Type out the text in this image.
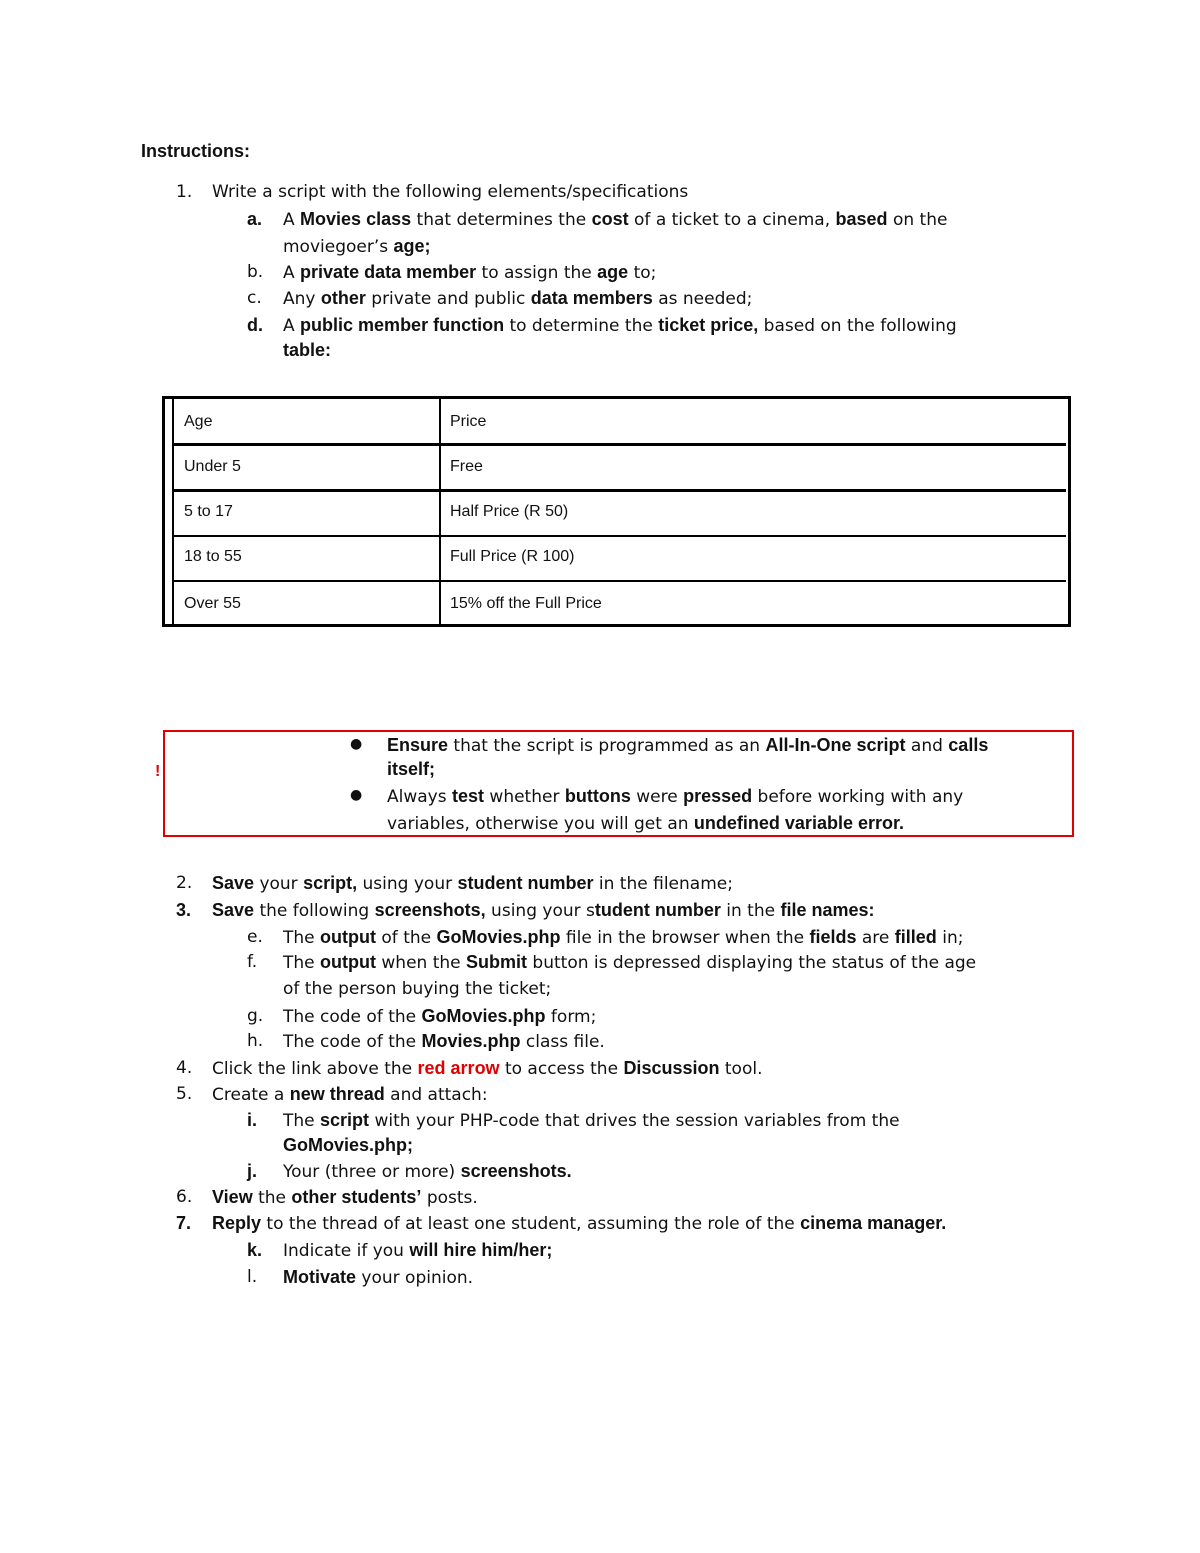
Instructions:
1. Write a script with the following elements/specifications
a. A Movies class that determines the cost of a ticket to a cinema, based on the
moviegoer’s age;
b. A private data member to assign the age to;
c. Any other private and public data members as needed;
d. A public member function to determine the ticket price, based on the following
table:
Age	Price
Under 5	Free
5 to 17	Half Price (R 50)
18 to 55	Full Price (R 100)
Over 55	15% off the Full Price
!
● Ensure that the script is programmed as an All-In-One script and calls
itself;
● Always test whether buttons were pressed before working with any
variables, otherwise you will get an undefined variable error.
2. Save your script, using your student number in the filename;
3. Save the following screenshots, using your student number in the file names:
e. The output of the GoMovies.php file in the browser when the fields are filled in;
f. The output when the Submit button is depressed displaying the status of the age
of the person buying the ticket;
g. The code of the GoMovies.php form;
h. The code of the Movies.php class file.
4. Click the link above the red arrow to access the Discussion tool.
5. Create a new thread and attach:
i. The script with your PHP-code that drives the session variables from the
GoMovies.php;
j. Your (three or more) screenshots.
6. View the other students’ posts.
7. Reply to the thread of at least one student, assuming the role of the cinema manager.
k. Indicate if you will hire him/her;
l. Motivate your opinion.
